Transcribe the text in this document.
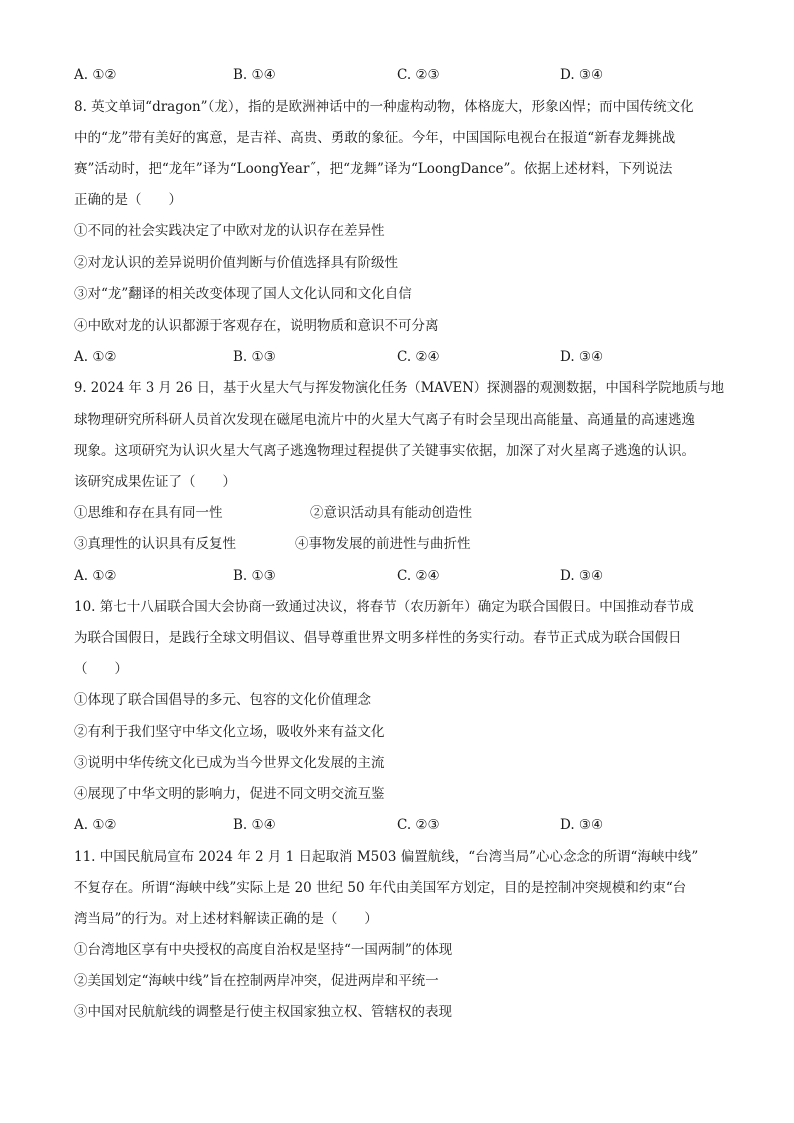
A. ①②	B. ①④	C. ②③	D. ③④
8. 英文单词“dragon”（龙），指的是欧洲神话中的一种虚构动物，体格庞大，形象凶悍；而中国传统文化
中的“龙”带有美好的寓意，是吉祥、高贵、勇敢的象征。今年，中国国际电视台在报道“新春龙舞挑战
赛”活动时，把“龙年”译为“LoongYear˝，把“龙舞”译为“LoongDance”。依据上述材料，下列说法
正确的是（　　）
①不同的社会实践决定了中欧对龙的认识存在差异性
②对龙认识的差异说明价值判断与价值选择具有阶级性
③对“龙”翻译的相关改变体现了国人文化认同和文化自信
④中欧对龙的认识都源于客观存在，说明物质和意识不可分离
A. ①②	B. ①③	C. ②④	D. ③④
9. 2024 年 3 月 26 日，基于火星大气与挥发物演化任务（MAVEN）探测器的观测数据，中国科学院地质与地
球物理研究所科研人员首次发现在磁尾电流片中的火星大气离子有时会呈现出高能量、高通量的高速逃逸
现象。这项研究为认识火星大气离子逃逸物理过程提供了关键事实依据，加深了对火星离子逃逸的认识。
该研究成果佐证了（　　）
①思维和存在具有同一性	②意识活动具有能动创造性
③真理性的认识具有反复性	④事物发展的前进性与曲折性
A. ①②	B. ①③	C. ②④	D. ③④
10. 第七十八届联合国大会协商一致通过决议，将春节（农历新年）确定为联合国假日。中国推动春节成
为联合国假日，是践行全球文明倡议、倡导尊重世界文明多样性的务实行动。春节正式成为联合国假日
（　　）
①体现了联合国倡导的多元、包容的文化价值理念
②有利于我们坚守中华文化立场，吸收外来有益文化
③说明中华传统文化已成为当今世界文化发展的主流
④展现了中华文明的影响力，促进不同文明交流互鉴
A. ①②	B. ①④	C. ②③	D. ③④
11. 中国民航局宣布 2024 年 2 月 1 日起取消 M503 偏置航线，“台湾当局”心心念念的所谓“海峡中线”
不复存在。所谓“海峡中线”实际上是 20 世纪 50 年代由美国军方划定，目的是控制冲突规模和约束“台
湾当局”的行为。对上述材料解读正确的是（　　）
①台湾地区享有中央授权的高度自治权是坚持“一国两制”的体现
②美国划定“海峡中线”旨在控制两岸冲突，促进两岸和平统一
③中国对民航航线的调整是行使主权国家独立权、管辖权的表现
